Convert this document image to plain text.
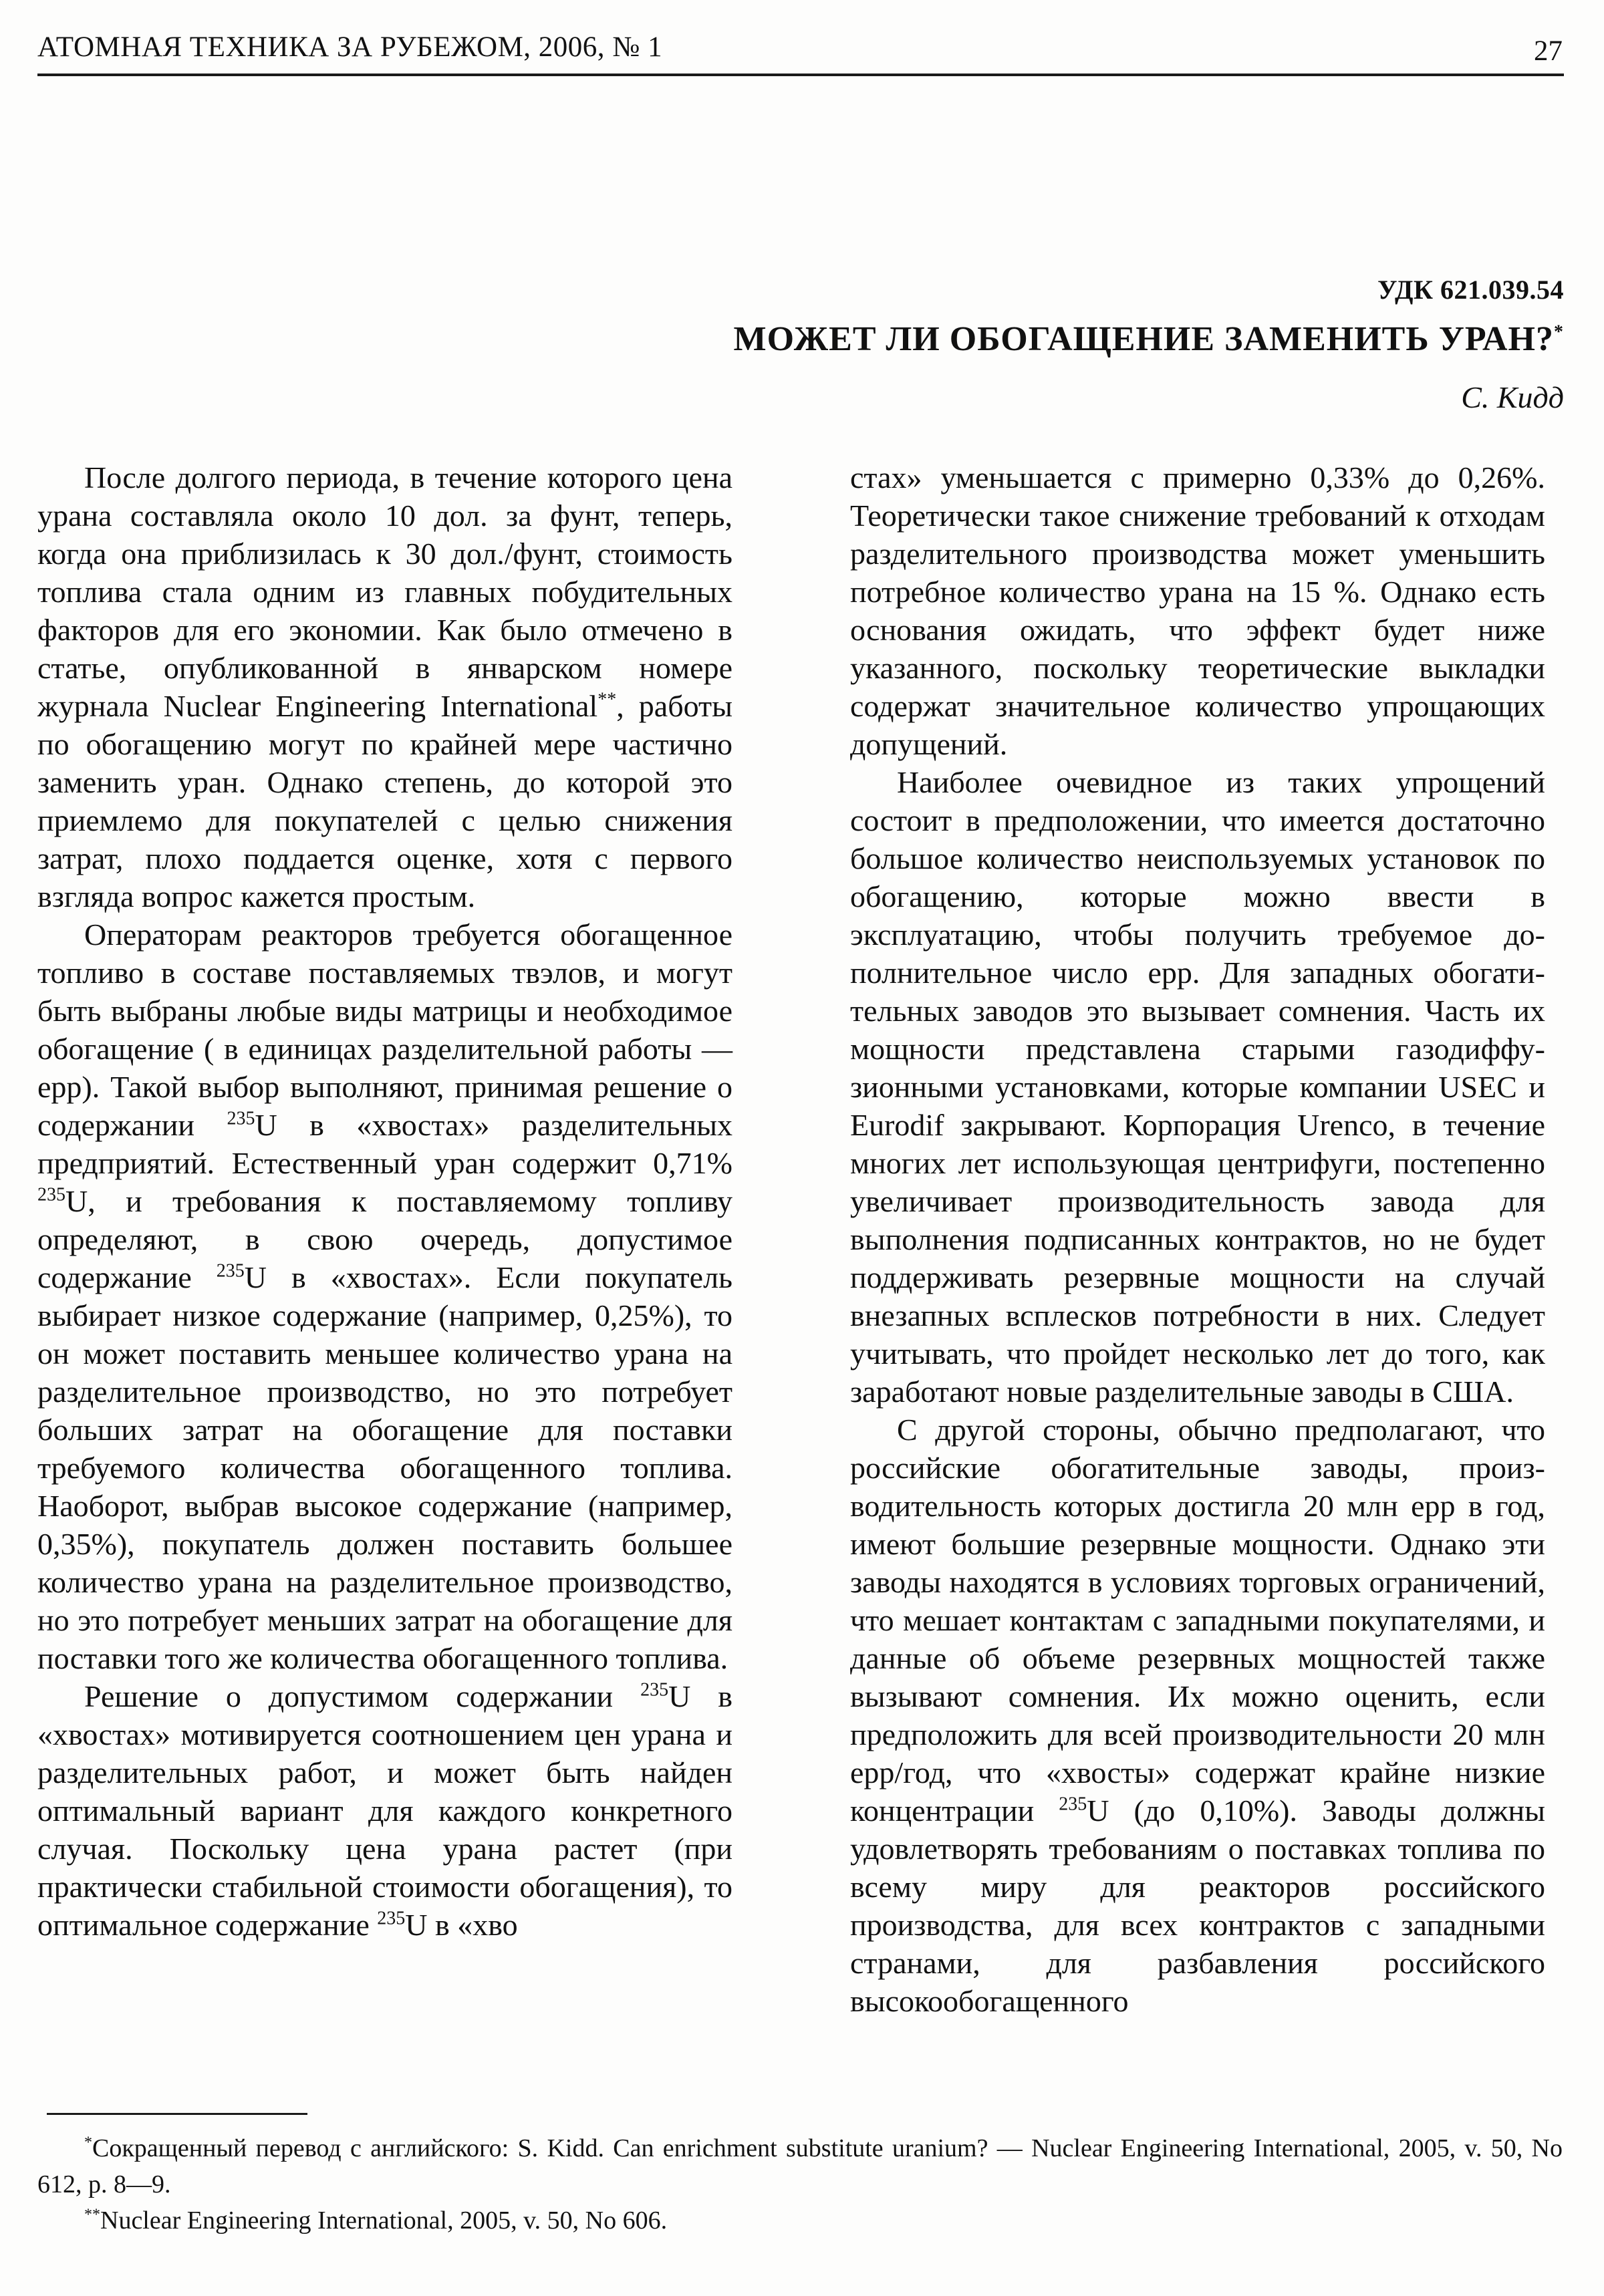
АТОМНАЯ ТЕХНИКА ЗА РУБЕЖОМ, 2006, № 1	27
УДК 621.039.54
МОЖЕТ ЛИ ОБОГАЩЕНИЕ ЗАМЕНИТЬ УРАН?*
С. Кидд

После долгого периода, в течение которого цена урана составляла около 10 дол. за фунт, теперь, когда она приблизилась к 30 дол./фунт, стоимость топлива стала одним из главных побудительных факторов для его экономии. Как было отмечено в статье, опубликованной в январском номере журнала Nuclear Engineering International**, работы по обогащению могут по крайней мере частично заменить уран. Однако степень, до которой это приемлемо для покупателей с целью снижения затрат, плохо поддается оценке, хотя с первого взгляда вопрос кажется простым.

Операторам реакторов требуется обогащенное топливо в составе поставляемых твэлов, и могут быть выбраны любые виды матрицы и необходимое обогащение ( в единицах разделительной работы — epp). Такой выбор выполняют, принимая решение о содержании $^{235}$U в «хвостах» разделительных предприятий. Естественный уран содержит 0,71% $^{235}$U, и требования к поставляемому топливу определяют, в свою очередь, допустимое содержание $^{235}$U в «хвостах». Если покупатель выбирает низкое содержание (например, 0,25%), то он может поставить меньшее количество урана на разделительное производство, но это потребует больших затрат на обогащение для поставки требуемого количества обогащенного топлива. Наоборот, выбрав высокое содержание (например, 0,35%), покупатель должен поставить большее количество урана на разделительное производство, но это потребует меньших затрат на обогащение для поставки того же количества обогащенного топлива.

Решение о допустимом содержании $^{235}$U в «хвостах» мотивируется соотношением цен урана и разделительных работ, и может быть найден оптимальный вариант для каждого конкретного случая. Поскольку цена урана растет (при практически стабильной стоимости обогащения), то оптимальное содержание $^{235}$U в «хво

стах» уменьшается с примерно 0,33% до 0,26%. Теоретически такое снижение требований к отходам разделительного производства может уменьшить потребное количество урана на 15 %. Однако есть основания ожидать, что эффект будет ниже указанного, поскольку теоретические выкладки содержат значительное количество упрощающих допущений.

Наиболее очевидное из таких упрощений состоит в предположении, что имеется достаточно большое количество неиспользуемых установок по обогащению, которые можно ввести в эксплуатацию, чтобы получить требуемое дополнительное число epp. Для западных обогатительных заводов это вызывает сомнения. Часть их мощности представлена старыми газодиффузионными установками, которые компании USEC и Eurodif закрывают. Корпорация Urenco, в течение многих лет использующая центрифуги, постепенно увеличивает производительность завода для выполнения подписанных контрактов, но не будет поддерживать резервные мощности на случай внезапных всплесков потребности в них. Следует учитывать, что пройдет несколько лет до того, как заработают новые разделительные заводы в США.

С другой стороны, обычно предполагают, что российские обогатительные заводы, производительность которых достигла 20 млн epp в год, имеют большие резервные мощности. Однако эти заводы находятся в условиях торговых ограничений, что мешает контактам с западными покупателями, и данные об объеме резервных мощностей также вызывают сомнения. Их можно оценить, если предположить для всей производительности 20 млн epp/год, что «хвосты» содержат крайне низкие концентрации $^{235}$U (до 0,10%). Заводы должны удовлетворять требованиям о поставках топлива по всему миру для реакторов российского производства, для всех контрактов с западными странами, для разбавления российского высокообогащенного

*Сокращенный перевод с английского: S. Kidd. Can enrichment substitute uranium? — Nuclear Engineering International, 2005, v. 50, No 612, p. 8—9.

**Nuclear Engineering International, 2005, v. 50, No 606.
